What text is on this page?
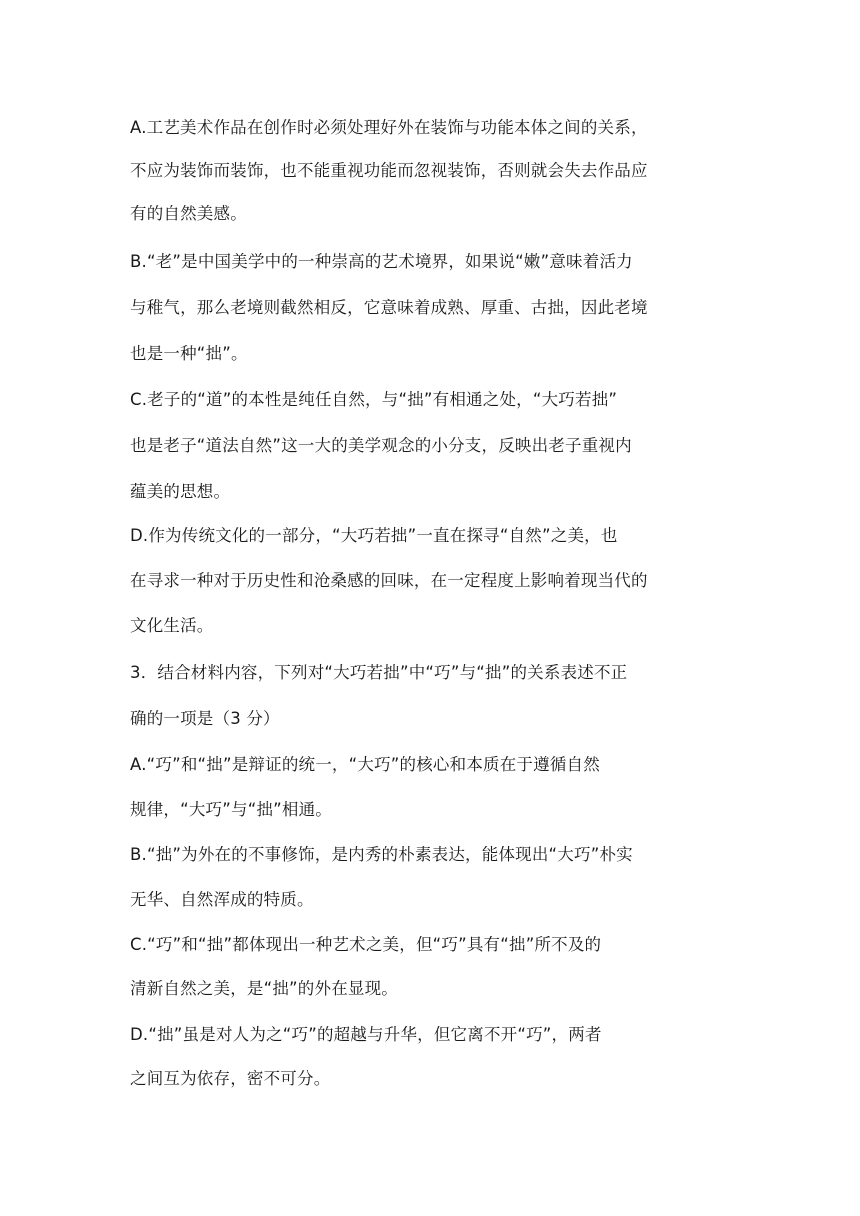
A.工艺美术作品在创作时必须处理好外在装饰与功能本体之间的关系，
不应为装饰而装饰，也不能重视功能而忽视装饰，否则就会失去作品应
有的自然美感。
B.“老”是中国美学中的一种崇高的艺术境界，如果说“嫩”意味着活力
与稚气，那么老境则截然相反，它意味着成熟、厚重、古拙，因此老境
也是一种“拙”。
C.老子的“道”的本性是纯任自然，与“拙”有相通之处，“大巧若拙”
也是老子“道法自然”这一大的美学观念的小分支，反映出老子重视内
蕴美的思想。
D.作为传统文化的一部分，“大巧若拙”一直在探寻“自然”之美，也
在寻求一种对于历史性和沧桑感的回味，在一定程度上影响着现当代的
文化生活。
3．结合材料内容，下列对“大巧若拙”中“巧”与“拙”的关系表述不正
确的一项是（3 分）
A.“巧”和“拙”是辩证的统一，“大巧”的核心和本质在于遵循自然
规律，“大巧”与“拙”相通。
B.“拙”为外在的不事修饰，是内秀的朴素表达，能体现出“大巧”朴实
无华、自然浑成的特质。
C.“巧”和“拙”都体现出一种艺术之美，但“巧”具有“拙”所不及的
清新自然之美，是“拙”的外在显现。
D.“拙”虽是对人为之“巧”的超越与升华，但它离不开“巧”，两者
之间互为依存，密不可分。
